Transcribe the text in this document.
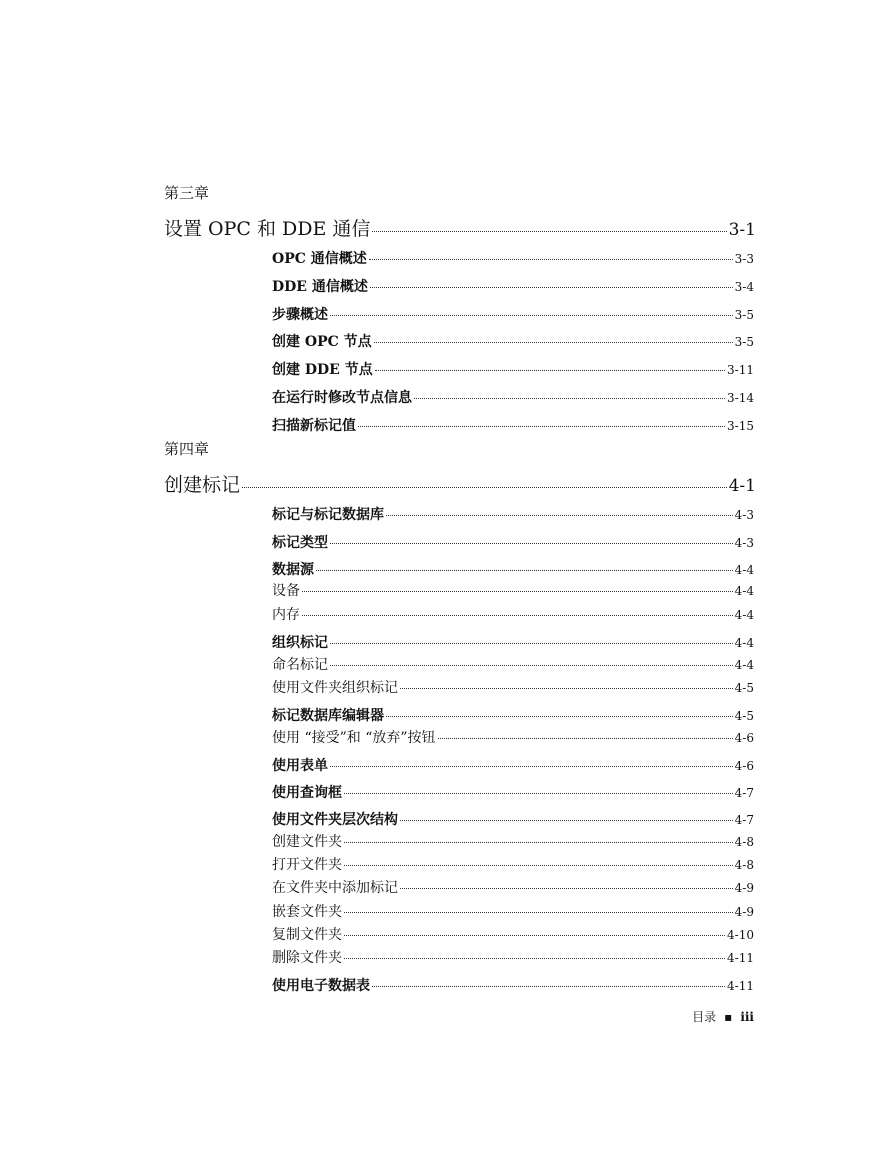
第三章
设置 OPC 和 DDE 通信	3-1
OPC 通信概述	3-3
DDE 通信概述	3-4
步骤概述	3-5
创建 OPC 节点	3-5
创建 DDE 节点	3-11
在运行时修改节点信息	3-14
扫描新标记值	3-15
第四章
创建标记	4-1
标记与标记数据库	4-3
标记类型	4-3
数据源	4-4
设备	4-4
内存	4-4
组织标记	4-4
命名标记	4-4
使用文件夹组织标记	4-5
标记数据库编辑器	4-5
使用 “接受”和 “放弃”按钮	4-6
使用表单	4-6
使用查询框	4-7
使用文件夹层次结构	4-7
创建文件夹	4-8
打开文件夹	4-8
在文件夹中添加标记	4-9
嵌套文件夹	4-9
复制文件夹	4-10
删除文件夹	4-11
使用电子数据表	4-11
目录 ▪ iii
